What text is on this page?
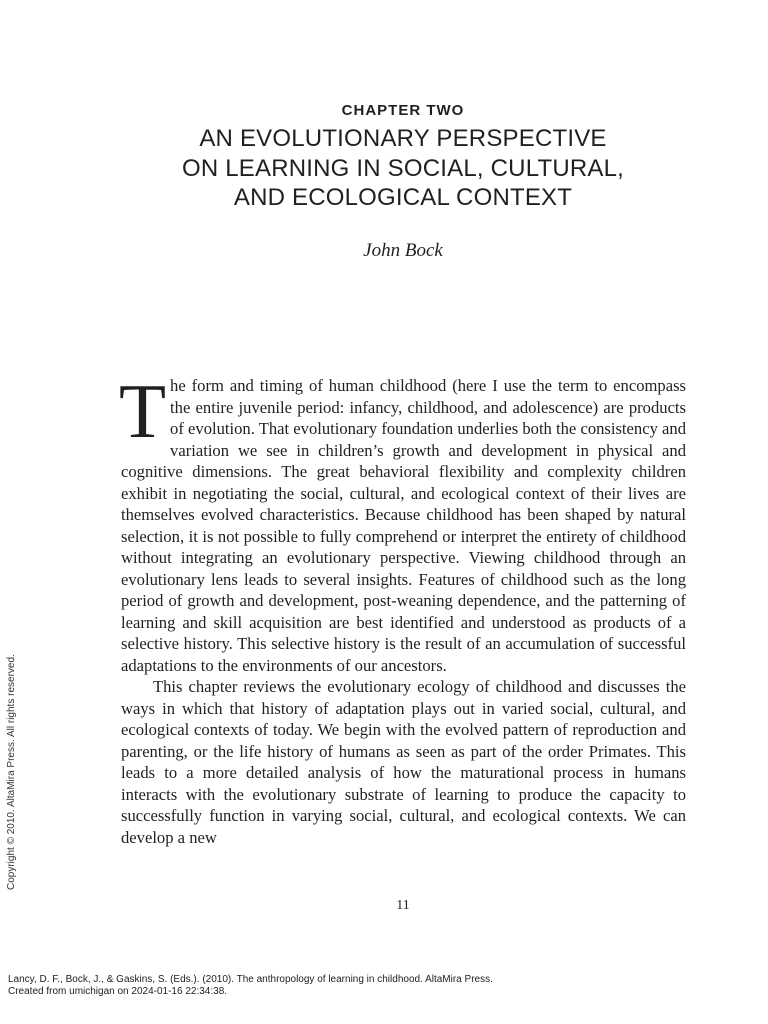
CHAPTER TWO
AN EVOLUTIONARY PERSPECTIVE
ON LEARNING IN SOCIAL, CULTURAL,
AND ECOLOGICAL CONTEXT
John Bock

The form and timing of human childhood (here I use the term to encompass the entire juvenile period: infancy, childhood, and adolescence) are products of evolution. That evolutionary foundation underlies both the consistency and variation we see in children’s growth and development in physical and cognitive dimensions. The great behavioral flexibility and complexity children exhibit in negotiating the social, cultural, and ecological context of their lives are themselves evolved characteristics. Because childhood has been shaped by natural selection, it is not possible to fully comprehend or interpret the entirety of childhood without integrating an evolutionary perspective. Viewing childhood through an evolutionary lens leads to several insights. Features of childhood such as the long period of growth and development, post-weaning dependence, and the patterning of learning and skill acquisition are best identified and understood as products of a selective history. This selective history is the result of an accumulation of successful adaptations to the environments of our ancestors.

This chapter reviews the evolutionary ecology of childhood and discusses the ways in which that history of adaptation plays out in varied social, cultural, and ecological contexts of today. We begin with the evolved pattern of reproduction and parenting, or the life history of humans as seen as part of the order Primates. This leads to a more detailed analysis of how the maturational process in humans interacts with the evolutionary substrate of learning to produce the capacity to successfully function in varying social, cultural, and ecological contexts. We can develop a new

11
Copyright © 2010. AltaMira Press. All rights reserved.
Lancy, D. F., Bock, J., & Gaskins, S. (Eds.). (2010). The anthropology of learning in childhood. AltaMira Press.
Created from umichigan on 2024-01-16 22:34:38.
